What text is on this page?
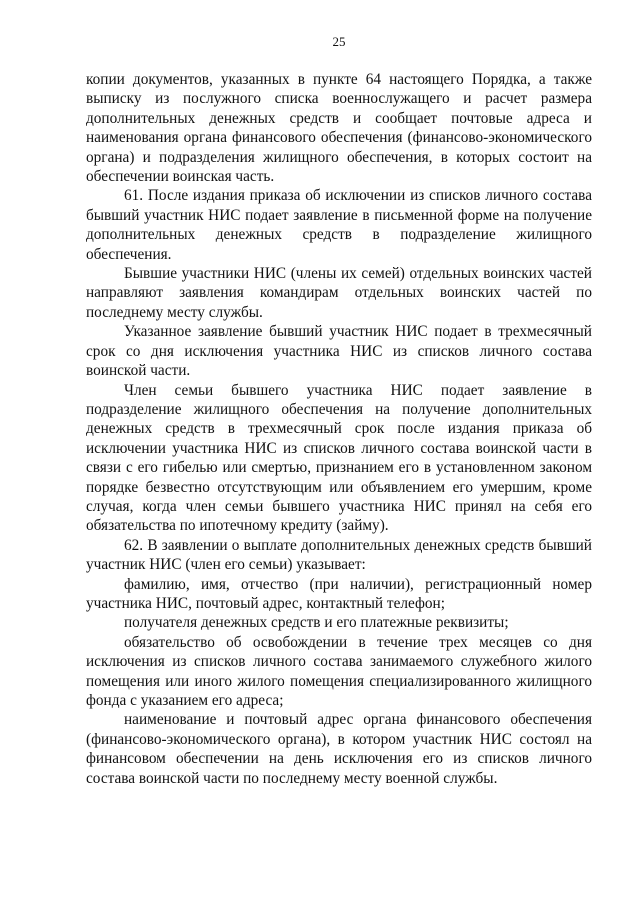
25

копии документов, указанных в пункте 64 настоящего Порядка, а также выписку из послужного списка военнослужащего и расчет размера дополнительных денежных средств и сообщает почтовые адреса и наименования органа финансового обеспечения (финансово-экономического органа) и подразделения жилищного обеспечения, в которых состоит на обеспечении воинская часть.

61. После издания приказа об исключении из списков личного состава бывший участник НИС подает заявление в письменной форме на получение дополнительных денежных средств в подразделение жилищного обеспечения.

Бывшие участники НИС (члены их семей) отдельных воинских частей направляют заявления командирам отдельных воинских частей по последнему месту службы.

Указанное заявление бывший участник НИС подает в трехмесячный срок со дня исключения участника НИС из списков личного состава воинской части.

Член семьи бывшего участника НИС подает заявление в подразделение жилищного обеспечения на получение дополнительных денежных средств в трехмесячный срок после издания приказа об исключении участника НИС из списков личного состава воинской части в связи с его гибелью или смертью, признанием его в установленном законом порядке безвестно отсутствующим или объявлением его умершим, кроме случая, когда член семьи бывшего участника НИС принял на себя его обязательства по ипотечному кредиту (займу).

62. В заявлении о выплате дополнительных денежных средств бывший участник НИС (член его семьи) указывает:

фамилию, имя, отчество (при наличии), регистрационный номер участника НИС, почтовый адрес, контактный телефон;

получателя денежных средств и его платежные реквизиты;

обязательство об освобождении в течение трех месяцев со дня исключения из списков личного состава занимаемого служебного жилого помещения или иного жилого помещения специализированного жилищного фонда с указанием его адреса;

наименование и почтовый адрес органа финансового обеспечения (финансово-экономического органа), в котором участник НИС состоял на финансовом обеспечении на день исключения его из списков личного состава воинской части по последнему месту военной службы.
